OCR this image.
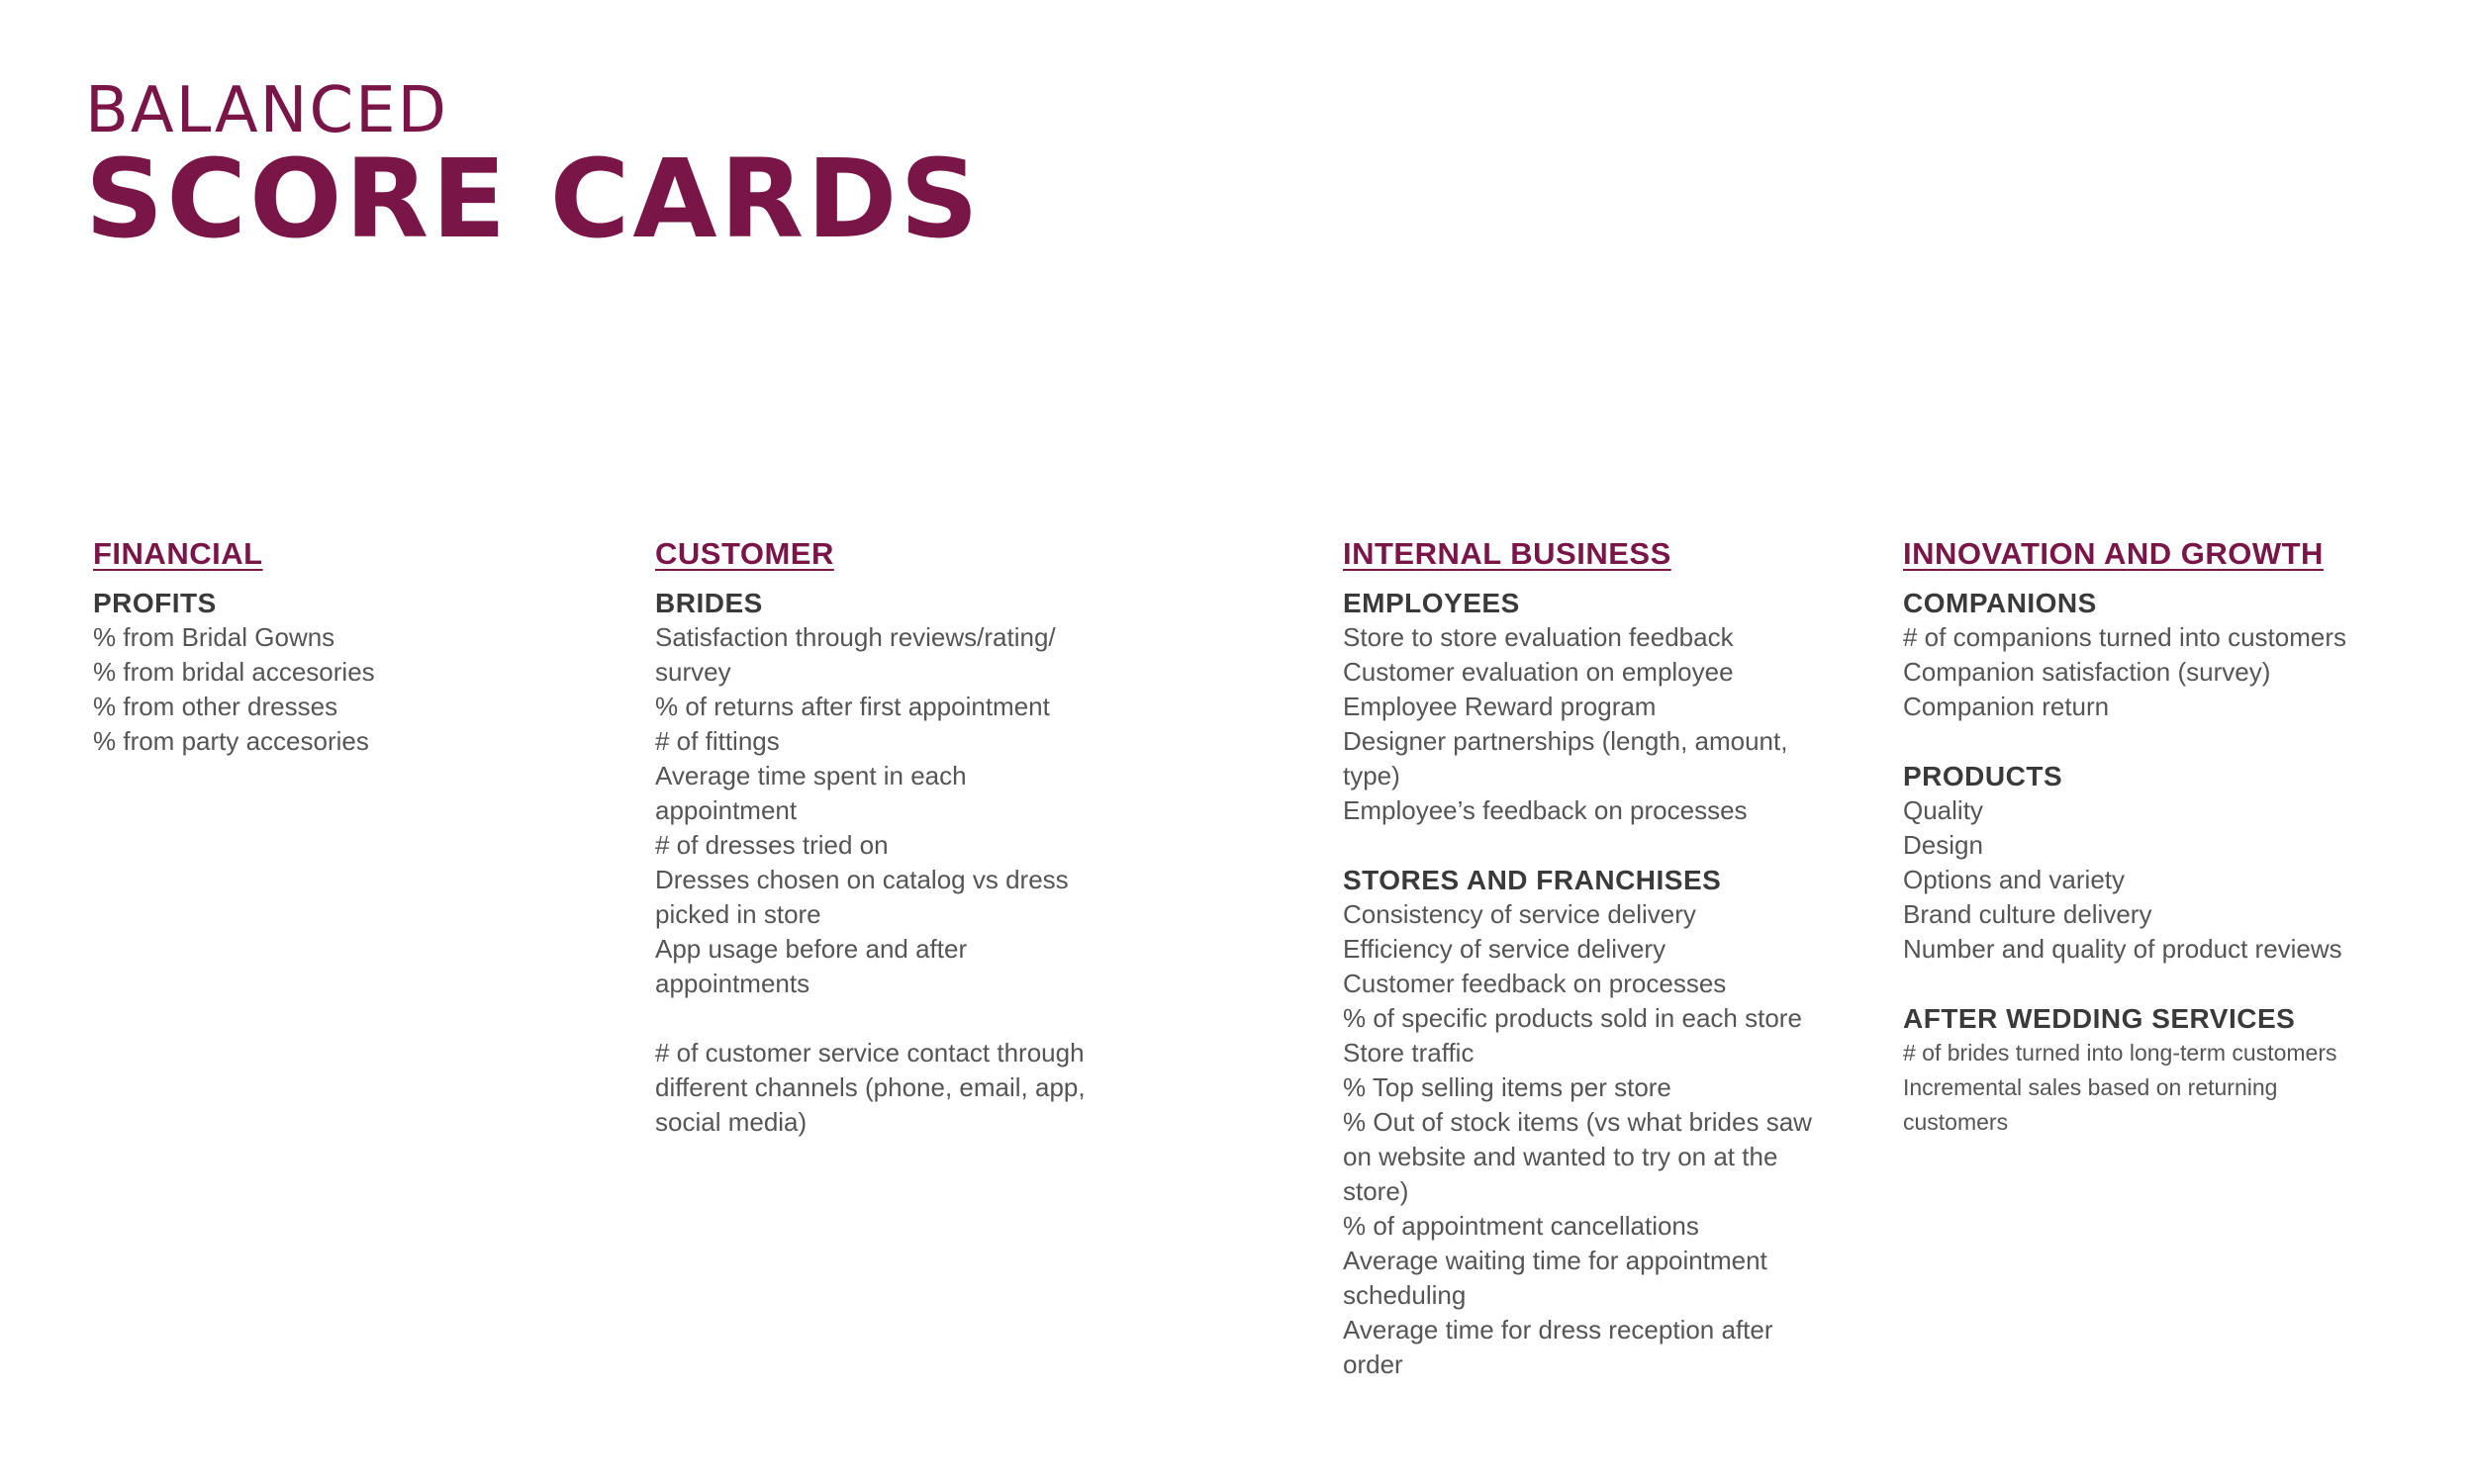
BALANCED
SCORE CARDS
FINANCIAL
PROFITS
% from Bridal Gowns
% from bridal accesories
% from other dresses
% from party accesories
CUSTOMER
BRIDES
Satisfaction through reviews/rating/
survey
% of returns after first appointment
# of fittings
Average time spent in each
appointment
# of dresses tried on
Dresses chosen on catalog vs dress
picked in store
App usage before and after
appointments
# of customer service contact through
different channels (phone, email, app,
social media)
INTERNAL BUSINESS
EMPLOYEES
Store to store evaluation feedback
Customer evaluation on employee
Employee Reward program
Designer partnerships (length, amount,
type)
Employee’s feedback on processes
STORES AND FRANCHISES
Consistency of service delivery
Efficiency of service delivery
Customer feedback on processes
% of specific products sold in each store
Store traffic
% Top selling items per store
% Out of stock items (vs what brides saw
on website and wanted to try on at the
store)
% of appointment cancellations
Average waiting time for appointment
scheduling
Average time for dress reception after
order
INNOVATION AND GROWTH
COMPANIONS
# of companions turned into customers
Companion satisfaction (survey)
Companion return
PRODUCTS
Quality
Design
Options and variety
Brand culture delivery
Number and quality of product reviews
AFTER WEDDING SERVICES
# of brides turned into long-term customers
Incremental sales based on returning
customers
